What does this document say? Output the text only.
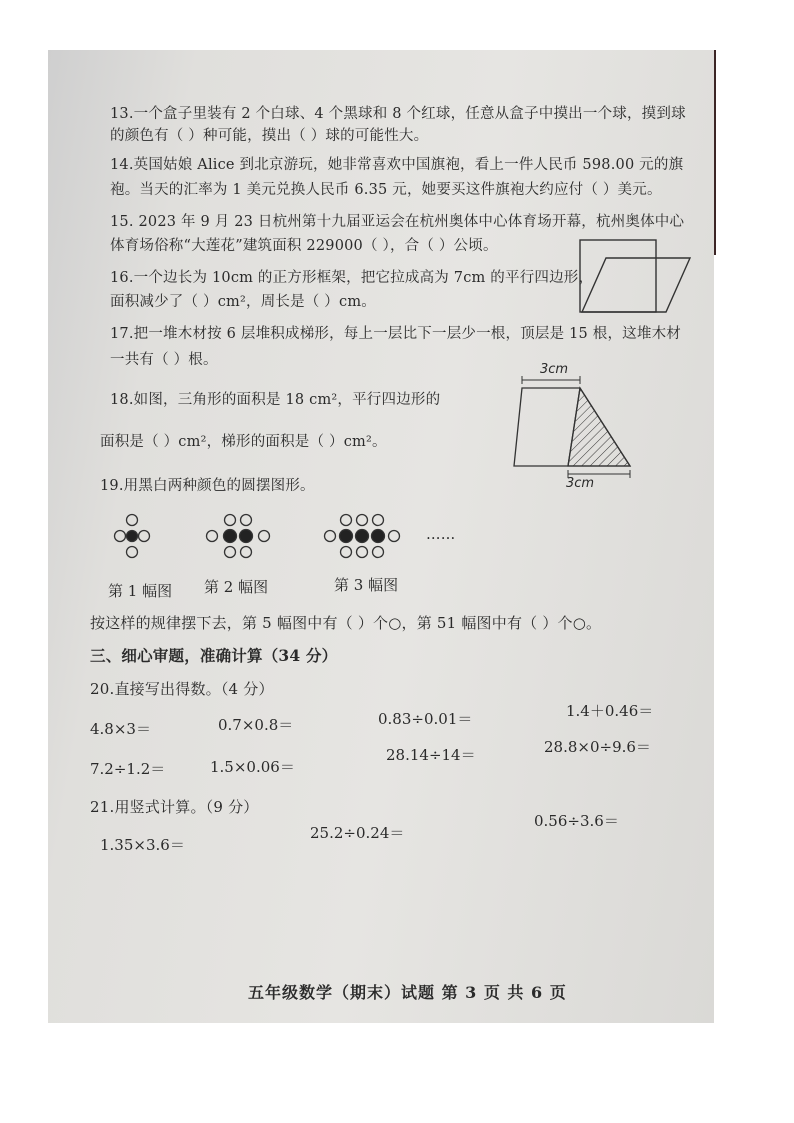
13.一个盒子里装有 2 个白球、4 个黑球和 8 个红球，任意从盒子中摸出一个球，摸到球
的颜色有（ ）种可能，摸出（ ）球的可能性大。
14.英国姑娘 Alice 到北京游玩，她非常喜欢中国旗袍，看上一件人民币 598.00 元的旗
袍。当天的汇率为 1 美元兑换人民币 6.35 元，她要买这件旗袍大约应付（ ）美元。
15. 2023 年 9 月 23 日杭州第十九届亚运会在杭州奥体中心体育场开幕，杭州奥体中心
体育场俗称“大莲花”建筑面积 229000（ ），合（ ）公顷。
16.一个边长为 10cm 的正方形框架，把它拉成高为 7cm 的平行四边形，
面积减少了（ ）cm²，周长是（ ）cm。
17.把一堆木材按 6 层堆积成梯形，每上一层比下一层少一根，顶层是 15 根，这堆木材
一共有（ ）根。
18.如图，三角形的面积是 18 cm²，平行四边形的
面积是（ ）cm²，梯形的面积是（ ）cm²。
3cm
3cm
19.用黑白两种颜色的圆摆图形。
……
第 1 幅图 第 2 幅图	第 3 幅图
按这样的规律摆下去，第 5 幅图中有（ ）个○，第 51 幅图中有（ ）个○。
三、细心审题，准确计算（34 分）
20.直接写出得数。（4 分）
4.8×3＝	0.7×0.8＝	0.83÷0.01＝	1.4＋0.46＝
7.2÷1.2＝	1.5×0.06＝
28.14÷14＝	28.8×0÷9.6＝
21.用竖式计算。（9 分）
1.35×3.6＝
25.2÷0.24＝
0.56÷3.6＝
五年级数学（期末）试题 第 3 页 共 6 页
